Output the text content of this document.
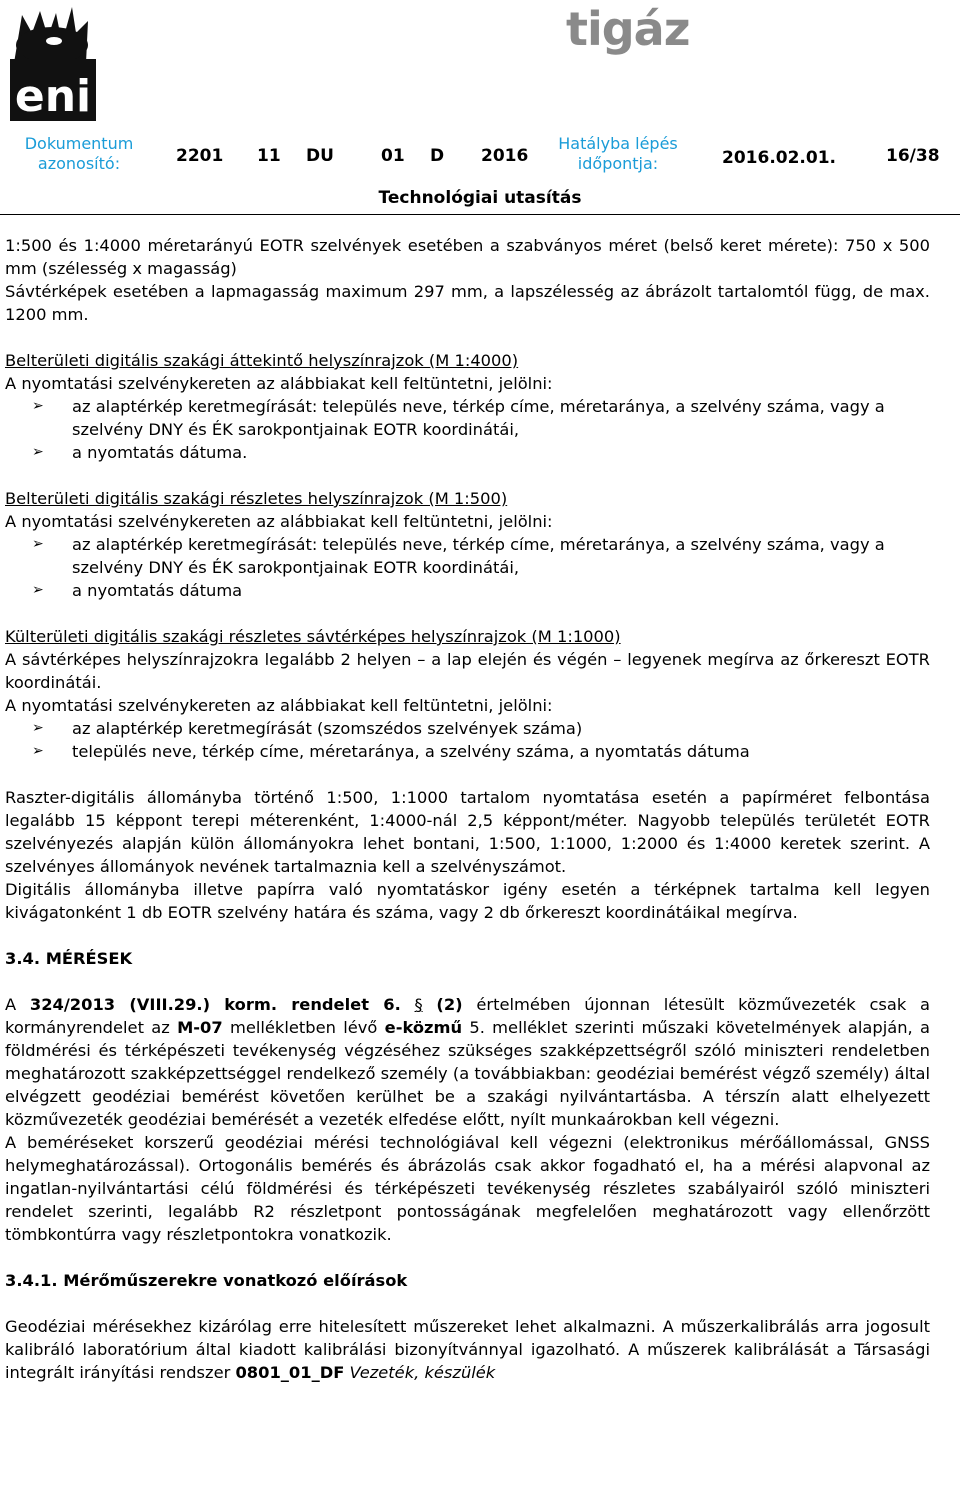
eni
tigáz
Dokumentum azonosító:	2201 11 DU	01 D 2016
Hatályba lépés időpontja:	2016.02.01.	16/38
Technológiai utasítás

1:500 és 1:4000 méretarányú EOTR szelvények esetében a szabványos méret (belső keret mérete): 750 x 500 mm (szélesség x magasság)

Sávtérképek esetében a lapmagasság maximum 297 mm, a lapszélesség az ábrázolt tartalomtól függ, de max. 1200 mm.

Belterületi digitális szakági áttekintő helyszínrajzok (M 1:4000)

A nyomtatási szelvénykereten az alábbiakat kell feltüntetni, jelölni:

➢ az alaptérkép keretmegírását: település neve, térkép címe, méretaránya, a szelvény száma, vagy a szelvény DNY és ÉK sarokpontjainak EOTR koordinátái,
➢ a nyomtatás dátuma.

Belterületi digitális szakági részletes helyszínrajzok (M 1:500)

A nyomtatási szelvénykereten az alábbiakat kell feltüntetni, jelölni:

➢ az alaptérkép keretmegírását: település neve, térkép címe, méretaránya, a szelvény száma, vagy a szelvény DNY és ÉK sarokpontjainak EOTR koordinátái,
➢ a nyomtatás dátuma

Külterületi digitális szakági részletes sávtérképes helyszínrajzok (M 1:1000)

A sávtérképes helyszínrajzokra legalább 2 helyen – a lap elején és végén – legyenek megírva az őrkereszt EOTR koordinátái.

A nyomtatási szelvénykereten az alábbiakat kell feltüntetni, jelölni:

➢ az alaptérkép keretmegírását (szomszédos szelvények száma)
➢ település neve, térkép címe, méretaránya, a szelvény száma, a nyomtatás dátuma

Raszter-digitális állományba történő 1:500, 1:1000 tartalom nyomtatása esetén a papírméret felbontása legalább 15 képpont terepi méterenként, 1:4000-nál 2,5 képpont/méter. Nagyobb település területét EOTR szelvényezés alapján külön állományokra lehet bontani, 1:500, 1:1000, 1:2000 és 1:4000 keretek szerint. A szelvényes állományok nevének tartalmaznia kell a szelvényszámot.

Digitális állományba illetve papírra való nyomtatáskor igény esetén a térképnek tartalma kell legyen kivágatonként 1 db EOTR szelvény határa és száma, vagy 2 db őrkereszt koordinátáikal megírva.

3.4. MÉRÉSEK

A 324/2013 (VIII.29.) korm. rendelet 6. § (2) értelmében újonnan létesült közművezeték csak a kormányrendelet az M-07 mellékletben lévő e-közmű 5. melléklet szerinti műszaki követelmények alapján, a földmérési és térképészeti tevékenység végzéséhez szükséges szakképzettségről szóló miniszteri rendeletben meghatározott szakképzettséggel rendelkező személy (a továbbiakban: geodéziai bemérést végző személy) által elvégzett geodéziai bemérést követően kerülhet be a szakági nyilvántartásba. A térszín alatt elhelyezett közművezeték geodéziai bemérését a vezeték elfedése előtt, nyílt munkaárokban kell végezni.

A beméréseket korszerű geodéziai mérési technológiával kell végezni (elektronikus mérőállomással, GNSS helymeghatározással). Ortogonális bemérés és ábrázolás csak akkor fogadható el, ha a mérési alapvonal az ingatlan-nyilvántartási célú földmérési és térképészeti tevékenység részletes szabályairól szóló miniszteri rendelet szerinti, legalább R2 részletpont pontosságának megfelelően meghatározott vagy ellenőrzött tömbkontúrra vagy részletpontokra vonatkozik.

3.4.1. Mérőműszerekre vonatkozó előírások

Geodéziai mérésekhez kizárólag erre hitelesített műszereket lehet alkalmazni. A műszerkalibrálás arra jogosult kalibráló laboratórium által kiadott kalibrálási bizonyítvánnyal igazolható. A műszerek kalibrálását a Társasági integrált irányítási rendszer 0801_01_DF Vezeték, készülék
